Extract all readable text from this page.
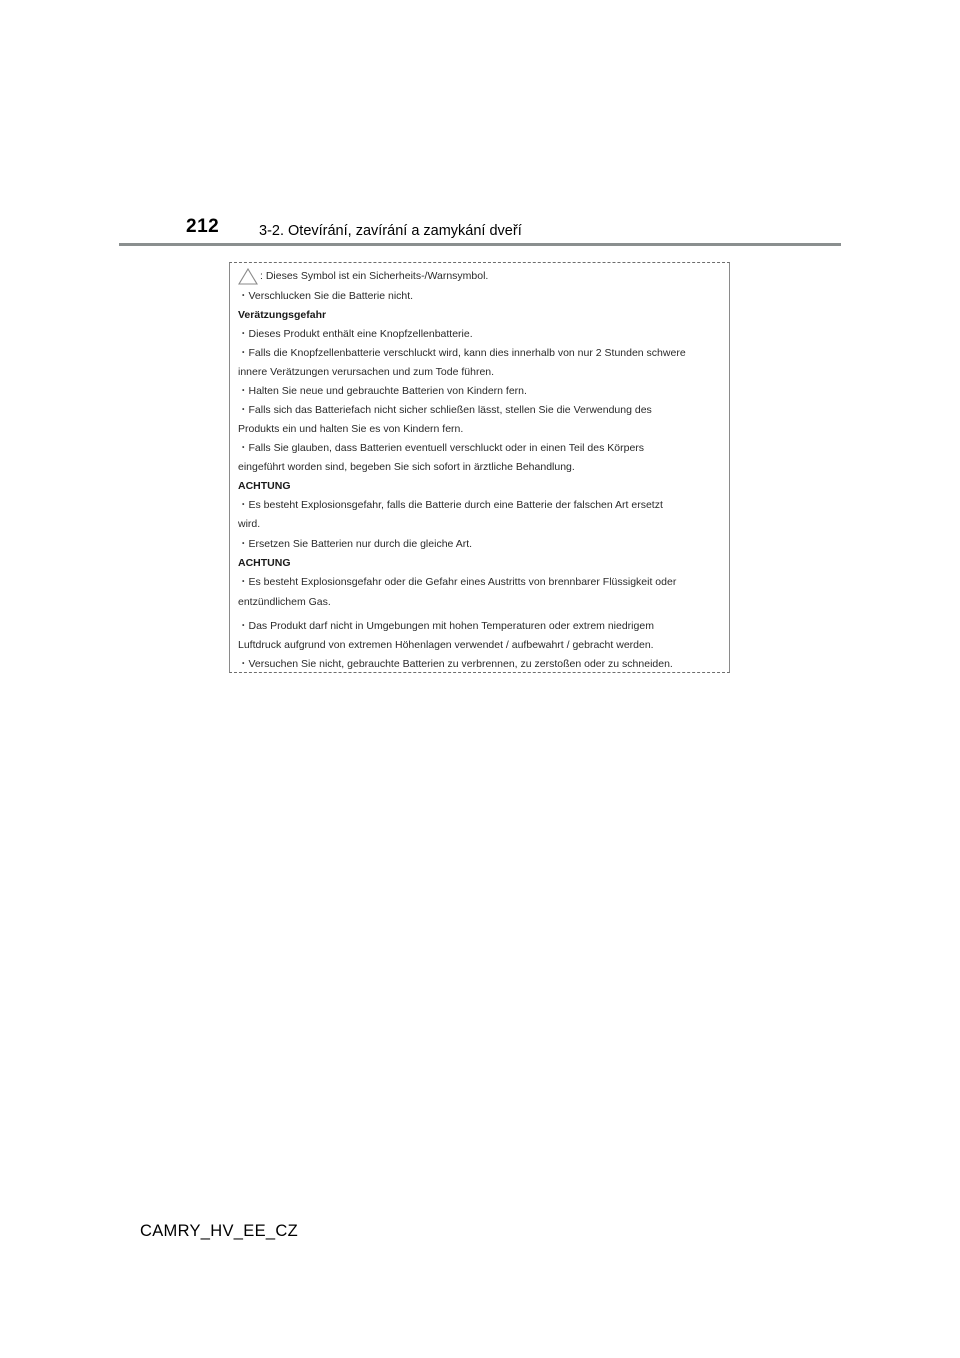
212	3-2. Otevírání, zavírání a zamykání dveří
: Dieses Symbol ist ein Sicherheits-/Warnsymbol.
・Verschlucken Sie die Batterie nicht.
Verätzungsgefahr
・Dieses Produkt enthält eine Knopfzellenbatterie.
・Falls die Knopfzellenbatterie verschluckt wird, kann dies innerhalb von nur 2 Stunden schwere
innere Verätzungen verursachen und zum Tode führen.
・Halten Sie neue und gebrauchte Batterien von Kindern fern.
・Falls sich das Batteriefach nicht sicher schließen lässt, stellen Sie die Verwendung des
Produkts ein und halten Sie es von Kindern fern.
・Falls Sie glauben, dass Batterien eventuell verschluckt oder in einen Teil des Körpers
eingeführt worden sind, begeben Sie sich sofort in ärztliche Behandlung.
ACHTUNG
・Es besteht Explosionsgefahr, falls die Batterie durch eine Batterie der falschen Art ersetzt
wird.
・Ersetzen Sie Batterien nur durch die gleiche Art.
ACHTUNG
・Es besteht Explosionsgefahr oder die Gefahr eines Austritts von brennbarer Flüssigkeit oder
entzündlichem Gas.
・Das Produkt darf nicht in Umgebungen mit hohen Temperaturen oder extrem niedrigem
Luftdruck aufgrund von extremen Höhenlagen verwendet / aufbewahrt / gebracht werden.
・Versuchen Sie nicht, gebrauchte Batterien zu verbrennen, zu zerstoßen oder zu schneiden.
CAMRY_HV_EE_CZ
